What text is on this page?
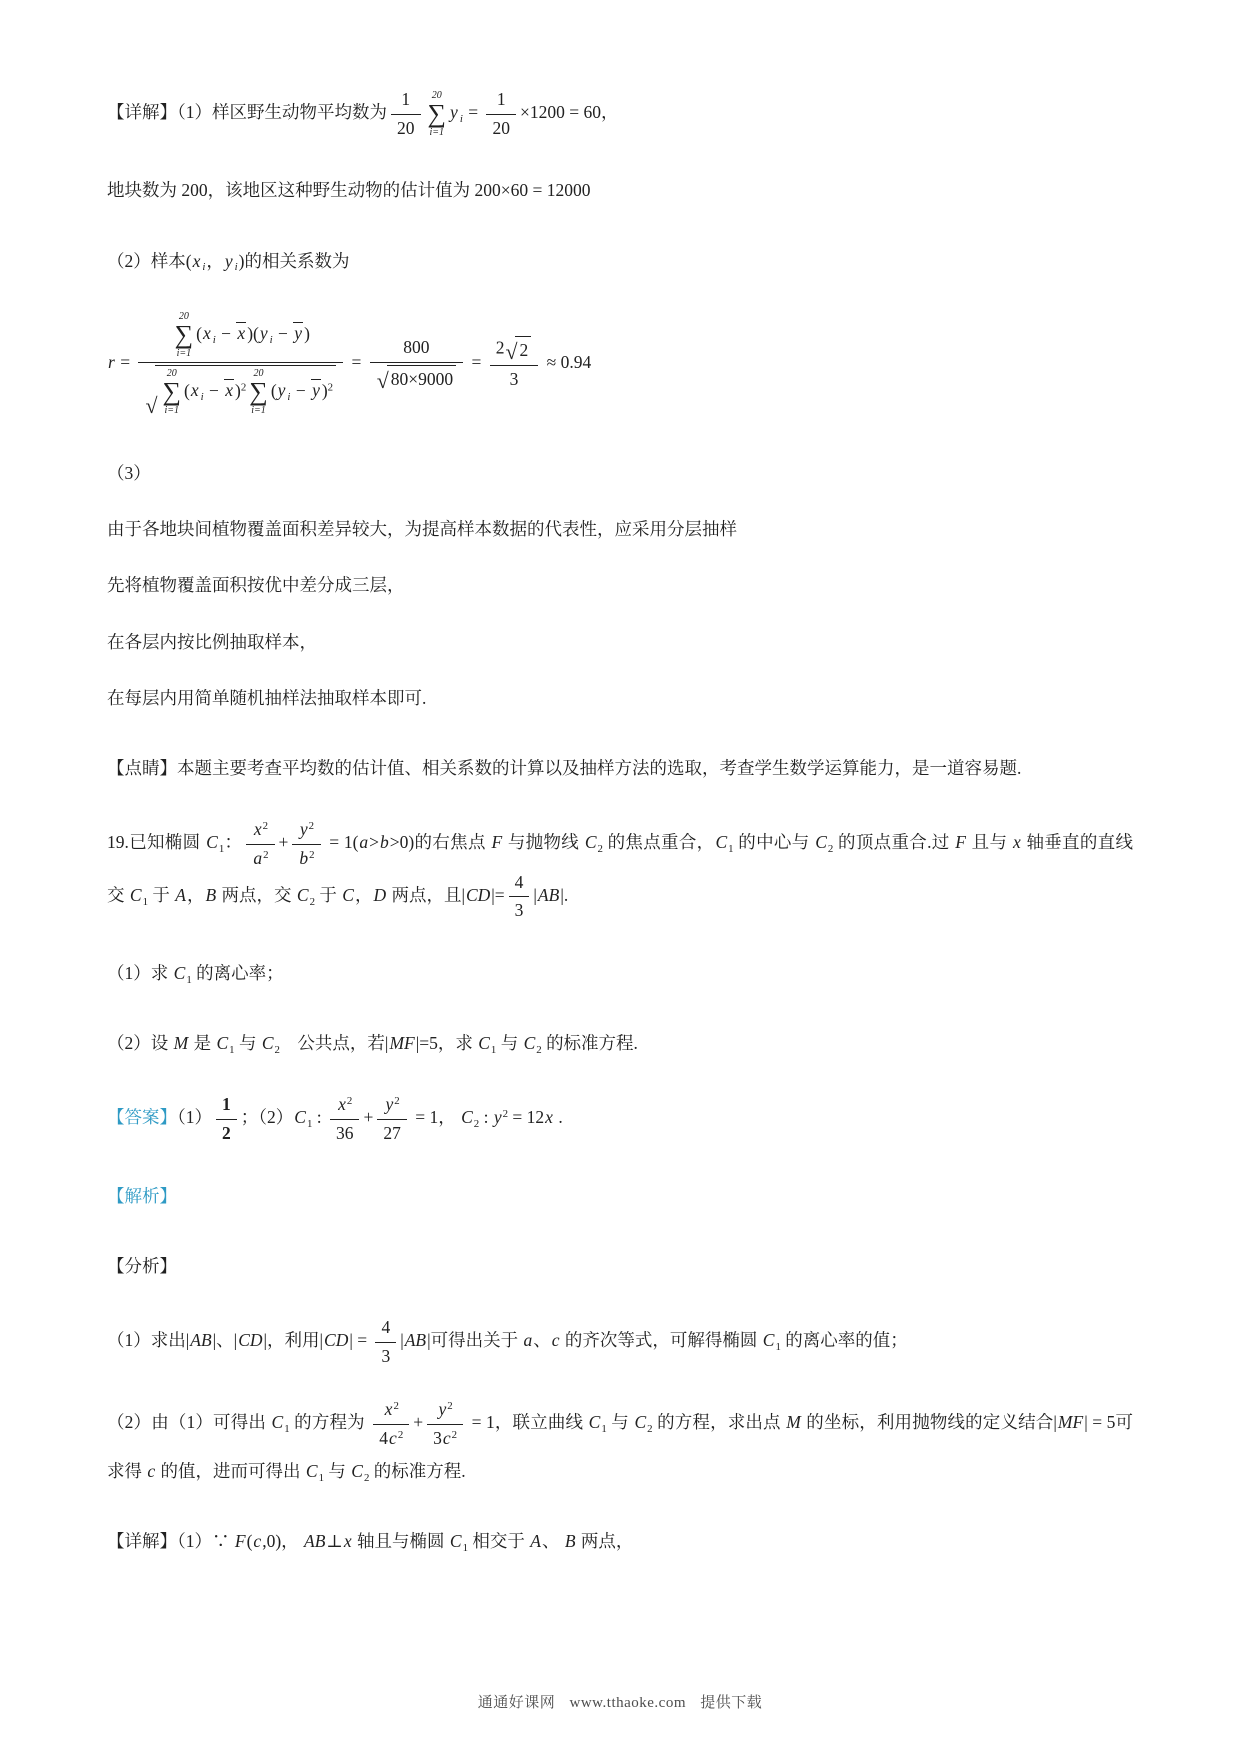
【详解】（1）样区野生动物平均数为 $\frac{1}{20} 20$
∑
i=1
y $_i = \frac{1}{20} \times 1200 = 60$，
地块数为 200，该地区这种野生动物的估计值为 200×60 = 12000
（2）样本(x $_i$，y $_i$)的相关系数为
r = 20
∑
i=1
(x $_i$ − x )(y $_i$ − y )
√
20
∑
i=1
(x $_i$ − x )$^2$
20
∑
i=1
(y $_i$ − y )$^2 = \frac{800}{√ 80\times 9000} = \frac{2 √ 2}{3} \approx 0.94$
（3）
由于各地块间植物覆盖面积差异较大，为提高样本数据的代表性，应采用分层抽样
先将植物覆盖面积按优中差分成三层，
在各层内按比例抽取样本，
在每层内用简单随机抽样法抽取样本即可.
【点睛】本题主要考查平均数的估计值、相关系数的计算以及抽样方法的选取，考查学生数学运算能力，是一道容易题.
19.已知椭圆 $C_1$： $\frac{x^2}{a^2} + \frac{y^2}{b^2} = 1(a>b>0)$的右焦点 F 与抛物线 $C_2$ 的焦点重合，$C_1$ 的中心与 $C_2$ 的顶点重合.过 F 且与 x 轴垂直的直线交 $C_1$ 于 A，B 两点，交 $C_2$ 于 C，D 两点，且$|CD|= \frac{4}{3} |AB|$.
（1）求 $C_1$ 的离心率；
（2）设 M 是 $C_1$ 与 $C_2$　公共点，若|MF|=5，求 $C_1$ 与 $C_2$ 的标准方程.
【答案】$(1) \frac{1}{2}$ ；$(2)C_1$ : $\frac{x^2}{36} + \frac{y^2}{27} = 1$， $C_2$ : $y^2 = 12x$ .
【解析】
【分析】
（1）求出|AB|、|CD|，利用$|CD| = \frac{4}{3} |AB|$可得出关于 a、c 的齐次等式，可解得椭圆 $C_1$ 的离心率的值；
（2）由（1）可得出 $C_1$ 的方程为 $\frac{x^2}{4c^2} + \frac{y^2}{3c^2} = 1$，联立曲线 $C_1$ 与 $C_2$ 的方程，求出点 M 的坐标，利用抛物线的定义结合|MF| = 5可求得 c 的值，进而可得出 $C_1$ 与 $C_2$ 的标准方程.
【详解】（1）∵ F(c,0)， AB⊥x 轴且与椭圆 $C_1$ 相交于 A、 B 两点，
通通好课网 www.tthaoke.com 提供下载
